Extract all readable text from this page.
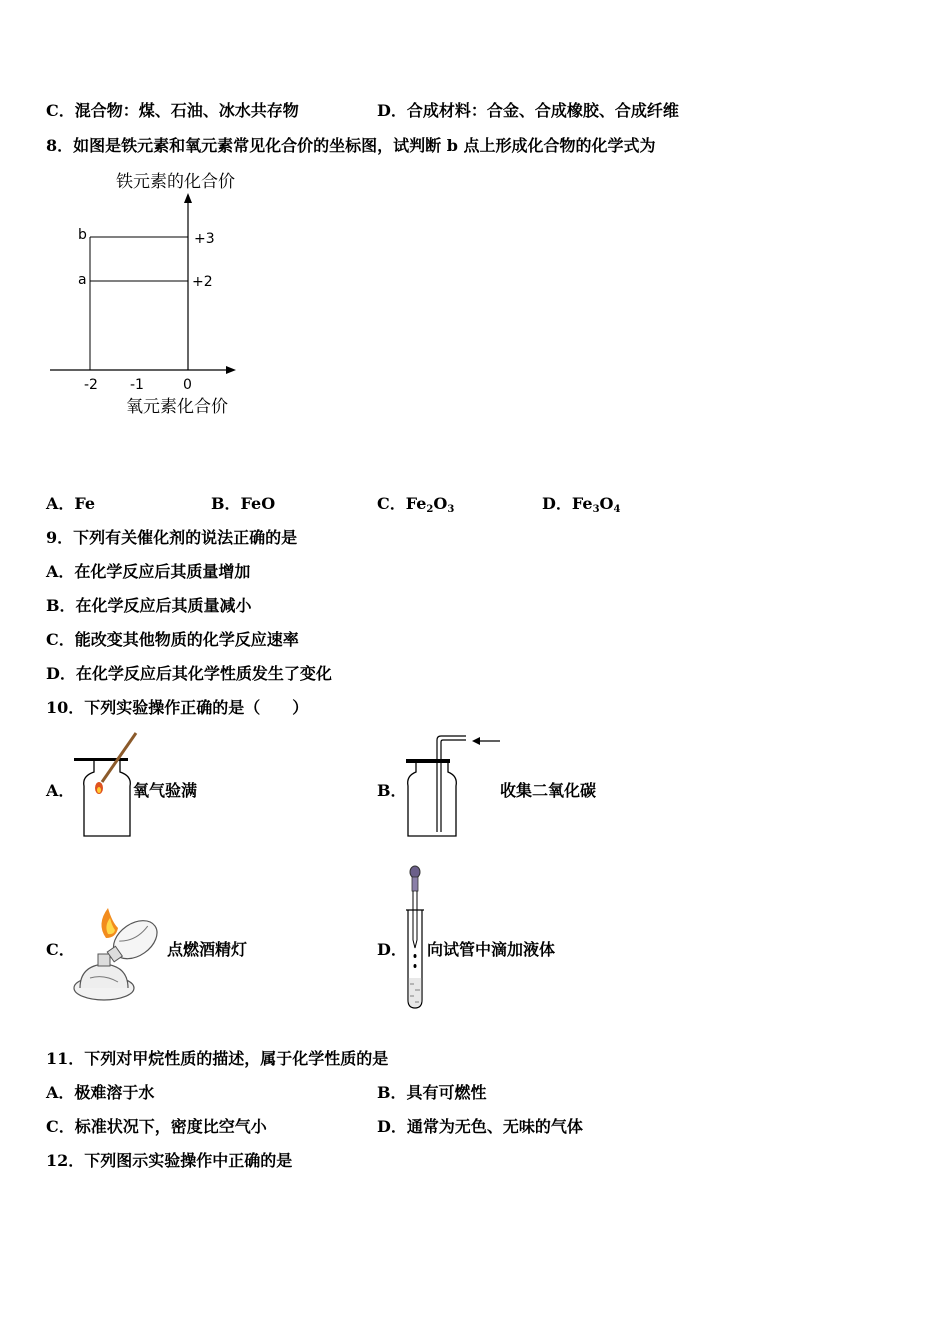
C．混合物：煤、石油、冰水共存物	D．合成材料：合金、合成橡胶、合成纤维
8．如图是铁元素和氧元素常见化合价的坐标图，试判断 b 点上形成化合物的化学式为
铁元素的化合价
b
a
+3
+2
-2 -1	0
氧元素化合价
A．Fe	B．FeO	C．$Fe_2O_3$	D．$Fe_3O_4$
9．下列有关催化剂的说法正确的是
A．在化学反应后其质量增加
B．在化学反应后其质量减小
C．能改变其他物质的化学反应速率
D．在化学反应后其化学性质发生了变化
10．下列实验操作正确的是（　　）
A．	氧气验满	B．	收集二氧化碳
C．	点燃酒精灯	D． 向试管中滴加液体
11．下列对甲烷性质的描述，属于化学性质的是
A．极难溶于水	B．具有可燃性
C．标准状况下，密度比空气小	D．通常为无色、无味的气体
12．下列图示实验操作中正确的是
